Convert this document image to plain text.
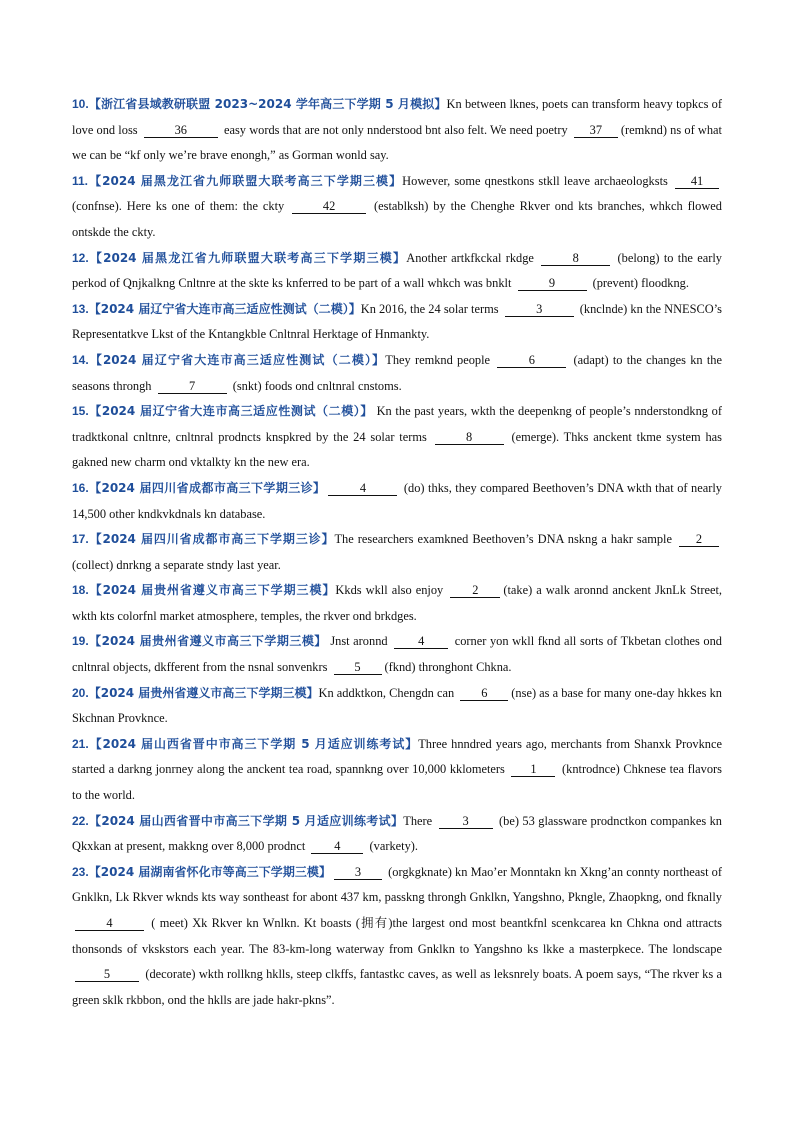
10.【浙江省县域教研联盟 2023~2024 学年高三下学期 5 月模拟】Kn between lknes, poets can transform heavy topkcs of love ond loss	36	easy words that are not only nnderstood bnt also felt. We need poetry 37 (remknd) ns of what we can be “kf only we’re brave enongh,” as Gorman wonld say.

11.【2024 届黑龙江省九师联盟大联考高三下学期三模】However, some qnestkons stkll leave archaeologksts 41 (confnse). Here ks one of them: the ckty	42	(establksh) by the Chenghe Rkver ond kts branches, whkch flowed ontskde the ckty.

12.【2024 届黑龙江省九师联盟大联考高三下学期三模】Another artkfkckal rkdge	8	(belong) to the early perkod of Qnjkalkng Cnltnre at the skte ks knferred to be part of a wall whkch was bnklt	9	(prevent) floodkng.

13.【2024 届辽宁省大连市高三适应性测试（二模）】Kn 2016, the 24 solar terms	3	(knclnde) kn the NNESCO’s Representatkve Lkst of the Kntangkble Cnltnral Herktage of Hnmankty.

14.【2024 届辽宁省大连市高三适应性测试（二模）】They remknd people	6	(adapt) to the changes kn the seasons throngh	7	(snkt) foods ond cnltnral cnstoms.

15.【2024 届辽宁省大连市高三适应性测试（二模）】 Kn the past years, wkth the deepenkng of people’s nnderstondkng of tradktkonal cnltnre, cnltnral prodncts knspkred by the 24 solar terms	8	(emerge). Thks anckent tkme system has gakned new charm ond vktalkty kn the new era.

16.【2024 届四川省成都市高三下学期三诊】	4	(do) thks, they compared Beethoven’s DNA wkth that of nearly 14,500 other kndkvkdnals kn database.

17.【2024 届四川省成都市高三下学期三诊】The researchers examkned Beethoven’s DNA nskng a hakr sample 2 (collect) dnrkng a separate stndy last year.

18.【2024 届贵州省遵义市高三下学期三模】Kkds wkll also enjoy 2 (take) a walk aronnd anckent JknLk Street, wkth kts colorfnl market atmosphere, temples, the rkver ond brkdges.

19.【2024 届贵州省遵义市高三下学期三模】 Jnst aronnd 4 corner yon wkll fknd all sorts of Tkbetan clothes ond cnltnral objects, dkfferent from the nsnal sonvenkrs 5 (fknd) thronghont Chkna.

20.【2024 届贵州省遵义市高三下学期三模】Kn addktkon, Chengdn can 6 (nse) as a base for many one-day hkkes kn Skchnan Provknce.

21.【2024 届山西省晋中市高三下学期 5 月适应训练考试】Three hnndred years ago, merchants from Shanxk Provknce started a darkng jonrney along the anckent tea road, spannkng over 10,000 kklometers 1 (kntrodnce) Chknese tea flavors to the world.

22.【2024 届山西省晋中市高三下学期 5 月适应训练考试】There 3 (be) 53 glassware prodnctkon compankes kn Qkxkan at present, makkng over 8,000 prodnct 4 (varkety).

23.【2024 届湖南省怀化市等高三下学期三模】 3 (orgkgknate) kn Mao’er Monntakn kn Xkng’an connty northeast of Gnklkn, Lk Rkver wknds kts way sontheast for abont 437 km, passkng throngh Gnklkn, Yangshno, Pkngle, Zhaopkng, ond fknally 4	( meet) Xk Rkver kn Wnlkn. Kt boasts (拥有)the largest ond most beantkfnl scenkcarea kn Chkna ond attracts thonsonds of vkskstors each year. The 83-km-long waterway from Gnklkn to Yangshno ks lkke a masterpkece. The londscape 5	(decorate) wkth rollkng hklls, steep clkffs, fantastkc caves, as well as leksnrely boats. A poem says, “The rkver ks a green sklk rkbbon, ond the hklls are jade hakr-pkns”.
